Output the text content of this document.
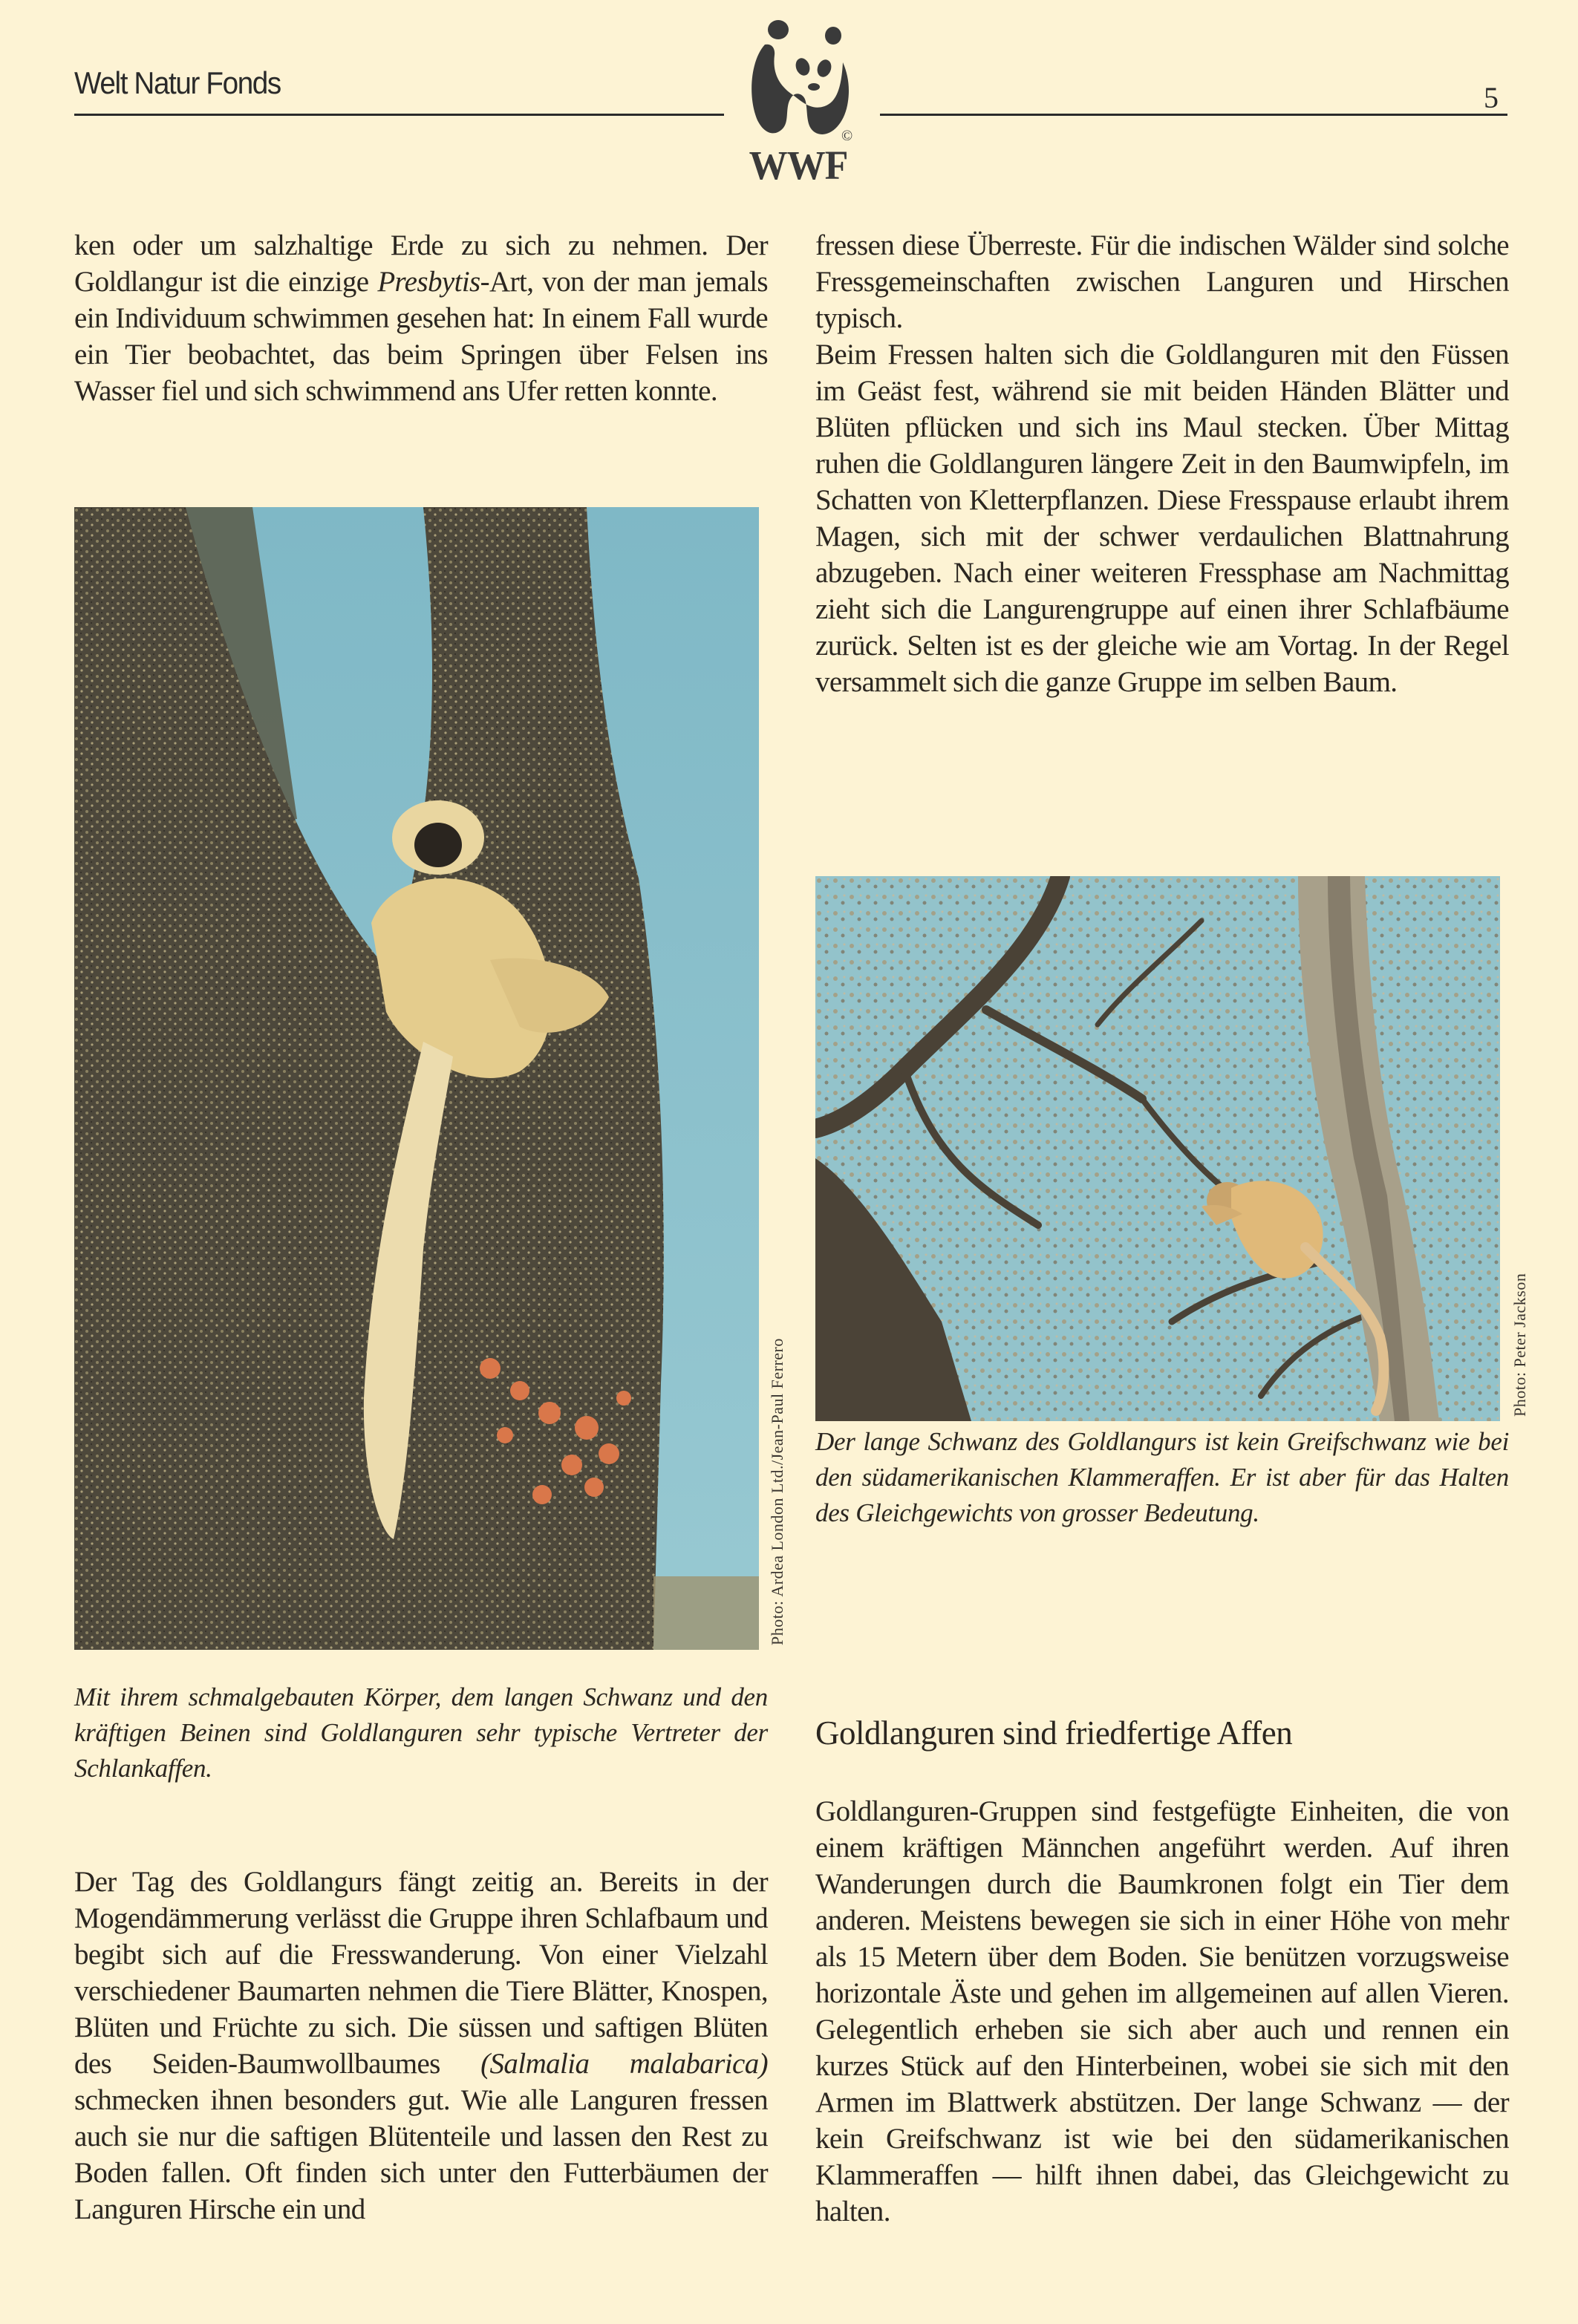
Welt Natur Fonds	5
©
WWF

ken oder um salzhaltige Erde zu sich zu nehmen. Der Goldlangur ist die einzige Presbytis-Art, von der man jemals ein Individuum schwimmen gesehen hat: In einem Fall wurde ein Tier beobachtet, das beim Springen über Felsen ins Wasser fiel und sich schwimmend ans Ufer retten konnte.

Photo: Ardea London Ltd./Jean-Paul Ferrero
Mit ihrem schmalgebauten Körper, dem langen Schwanz und den kräftigen Beinen sind Goldlanguren sehr typische Vertreter der Schlankaffen.

Der Tag des Goldlangurs fängt zeitig an. Bereits in der Mogendämmerung verlässt die Gruppe ihren Schlafbaum und begibt sich auf die Fresswanderung. Von einer Vielzahl verschiedener Baumarten nehmen die Tiere Blätter, Knospen, Blüten und Früchte zu sich. Die süssen und saftigen Blüten des Seiden-Baumwollbaumes (Salmalia malabarica) schmecken ihnen besonders gut. Wie alle Languren fressen auch sie nur die saftigen Blütenteile und lassen den Rest zu Boden fallen. Oft finden sich unter den Futterbäumen der Languren Hirsche ein und

fressen diese Überreste. Für die indischen Wälder sind solche Fressgemeinschaften zwischen Languren und Hirschen typisch.

Beim Fressen halten sich die Goldlanguren mit den Füssen im Geäst fest, während sie mit beiden Händen Blätter und Blüten pflücken und sich ins Maul stecken. Über Mittag ruhen die Goldlanguren längere Zeit in den Baumwipfeln, im Schatten von Kletterpflanzen. Diese Fresspause erlaubt ihrem Magen, sich mit der schwer verdaulichen Blattnahrung abzugeben. Nach einer weiteren Fressphase am Nachmittag zieht sich die Langurengruppe auf einen ihrer Schlafbäume zurück. Selten ist es der gleiche wie am Vortag. In der Regel versammelt sich die ganze Gruppe im selben Baum.

Photo: Peter Jackson
Der lange Schwanz des Goldlangurs ist kein Greifschwanz wie bei den südamerikanischen Klammeraffen. Er ist aber für das Halten des Gleichgewichts von grosser Bedeutung.
Goldlanguren sind friedfertige Affen
Goldlanguren-Gruppen sind festgefügte Einheiten, die von einem kräftigen Männchen angeführt werden. Auf ihren Wanderungen durch die Baumkronen folgt ein Tier dem anderen. Meistens bewegen sie sich in einer Höhe von mehr als 15 Metern über dem Boden. Sie benützen vorzugsweise horizontale Äste und gehen im allgemeinen auf allen Vieren. Gelegentlich erheben sie sich aber auch und rennen ein kurzes Stück auf den Hinterbeinen, wobei sie sich mit den Armen im Blattwerk abstützen. Der lange Schwanz — der kein Greifschwanz ist wie bei den südamerikanischen Klammeraffen — hilft ihnen dabei, das Gleichgewicht zu halten.
